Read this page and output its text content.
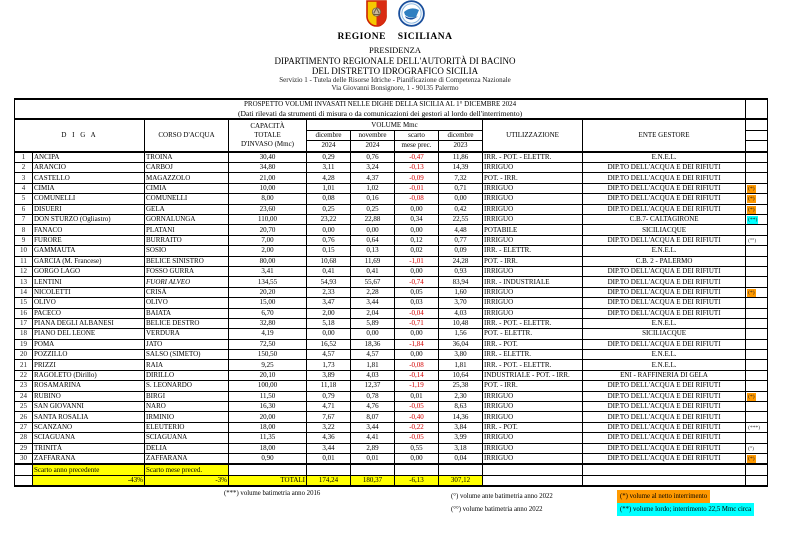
REGIONE SICILIANA
PRESIDENZA
DIPARTIMENTO REGIONALE DELL'AUTORITÀ DI BACINO
DEL DISTRETTO IDROGRAFICO SICILIA
Servizio 1 - Tutela delle Risorse Idriche - Pianificazione di Competenza Nazionale
Via Giovanni Bonsignore, 1 - 90135 Palermo
PROSPETTO VOLUMI INVASATI NELLE DIGHE DELLA SICILIA AL 1° DICEMBRE 2024
(Dati rilevati da strumenti di misura o da comunicazioni dei gestori al lordo dell'interrimento)										

D I G A		CORSO D'ACQUA	CAPACITÀ
TOTALE
D'INVASO (Mmc)	VOLUME Mmc				UTILIZZAZIONE	ENTE GESTORE	
				dicembre	novembre	scarto	dicembre			
				2024	2024	mese prec.	2023			
1	ANCIPA	TROINA	30,40	0,29	0,76	-0,47	11,86	IRR. - POT. - ELETTR.	E.N.E.L.	
2	ARANCIO	CARBOJ	34,80	3,11	3,24	-0,13	14,39	IRRIGUO	DIP.TO DELL'ACQUA E DEI RIFIUTI	
3	CASTELLO	MAGAZZOLO	21,00	4,28	4,37	-0,09	7,32	POT. - IRR.	DIP.TO DELL'ACQUA E DEI RIFIUTI	
4	CIMIA	CIMIA	10,00	1,01	1,02	-0,01	0,71	IRRIGUO	DIP.TO DELL'ACQUA E DEI RIFIUTI	(*)
5	COMUNELLI	COMUNELLI	8,00	0,08	0,16	-0,08	0,00	IRRIGUO	DIP.TO DELL'ACQUA E DEI RIFIUTI	(*)
6	DISUERI	GELA	23,60	0,25	0,25	0,00	0,42	IRRIGUO	DIP.TO DELL'ACQUA E DEI RIFIUTI	(*)
7	DON STURZO (Ogliastro)	GORNALUNGA	110,00	23,22	22,88	0,34	22,55	IRRIGUO	C.B.7- CALTAGIRONE	(**)
8	FANACO	PLATANI	20,70	0,00	0,00	0,00	4,48	POTABILE	SICILIACQUE	
9	FURORE	BURRAITO	7,00	0,76	0,64	0,12	0,77	IRRIGUO	DIP.TO DELL'ACQUA E DEI RIFIUTI	(°°)
10	GAMMAUTA	SOSIO	2,00	0,15	0,13	0,02	0,09	IRR. - ELETTR.	E.N.E.L.	
11	GARCIA (M. Francese)	BELICE SINISTRO	80,00	10,68	11,69	-1,01	24,28	POT. - IRR.	C.B. 2 - PALERMO	
12	GORGO LAGO	FOSSO GURRA	3,41	0,41	0,41	0,00	0,93	IRRIGUO	DIP.TO DELL'ACQUA E DEI RIFIUTI	
13	LENTINI	FUORI ALVEO	134,55	54,93	55,67	-0,74	83,94	IRR. - INDUSTRIALE	DIP.TO DELL'ACQUA E DEI RIFIUTI	
14	NICOLETTI	CRISÀ	20,20	2,33	2,28	0,05	1,60	IRRIGUO	DIP.TO DELL'ACQUA E DEI RIFIUTI	(*)
15	OLIVO	OLIVO	15,00	3,47	3,44	0,03	3,70	IRRIGUO	DIP.TO DELL'ACQUA E DEI RIFIUTI	
16	PACECO	BAIATA	6,70	2,00	2,04	-0,04	4,03	IRRIGUO	DIP.TO DELL'ACQUA E DEI RIFIUTI	
17	PIANA DEGLI ALBANESI	BELICE DESTRO	32,80	5,18	5,89	-0,71	10,48	IRR. - POT. - ELETTR.	E.N.E.L.	
18	PIANO DEL LEONE	VERDURA	4,19	0,00	0,00	0,00	1,56	POT. - ELETTR.	SICILIACQUE	
19	POMA	JATO	72,50	16,52	18,36	-1,84	36,04	IRR. - POT.	DIP.TO DELL'ACQUA E DEI RIFIUTI	
20	POZZILLO	SALSO (SIMETO)	150,50	4,57	4,57	0,00	3,80	IRR. - ELETTR.	E.N.E.L.	
21	PRIZZI	RAIA	9,25	1,73	1,81	-0,08	1,81	IRR. - POT. - ELETTR.	E.N.E.L.	
22	RAGOLETO (Dirillo)	DIRILLO	20,10	3,89	4,03	-0,14	10,64	INDUSTRIALE - POT. - IRR.	ENI - RAFFINERIA DI GELA	
23	ROSAMARINA	S. LEONARDO	100,00	11,18	12,37	-1,19	25,38	POT. - IRR.	DIP.TO DELL'ACQUA E DEI RIFIUTI	
24	RUBINO	BIRGI	11,50	0,79	0,78	0,01	2,30	IRRIGUO	DIP.TO DELL'ACQUA E DEI RIFIUTI	(*)
25	SAN GIOVANNI	NARO	16,30	4,71	4,76	-0,05	8,63	IRRIGUO	DIP.TO DELL'ACQUA E DEI RIFIUTI	
26	SANTA ROSALIA	IRMINIO	20,00	7,67	8,07	-0,40	14,36	IRRIGUO	DIP.TO DELL'ACQUA E DEI RIFIUTI	
27	SCANZANO	ELEUTERIO	18,00	3,22	3,44	-0,22	3,84	IRR. - POT.	DIP.TO DELL'ACQUA E DEI RIFIUTI	(***)
28	SCIAGUANA	SCIAGUANA	11,35	4,36	4,41	-0,05	3,99	IRRIGUO	DIP.TO DELL'ACQUA E DEI RIFIUTI	
29	TRINITÀ	DELIA	18,00	3,44	2,89	0,55	3,18	IRRIGUO	DIP.TO DELL'ACQUA E DEI RIFIUTI	(°)
30	ZAFFARANA	ZAFFARANA	0,90	0,01	0,01	0,00	0,04	IRRIGUO	DIP.TO DELL'ACQUA E DEI RIFIUTI	(*)
	Scarto anno precedente	Scarto mese preced.								
	-43%	-3%	TOTALI	174,24	180,37	-6,13	307,12			
(***) volume batimetria anno 2016	(°) volume ante batimetria anno 2022
(°°) volume batimetria anno 2022
(*) volume al netto interrimento
(**) volume lordo; interrimento 22,5 Mmc circa
